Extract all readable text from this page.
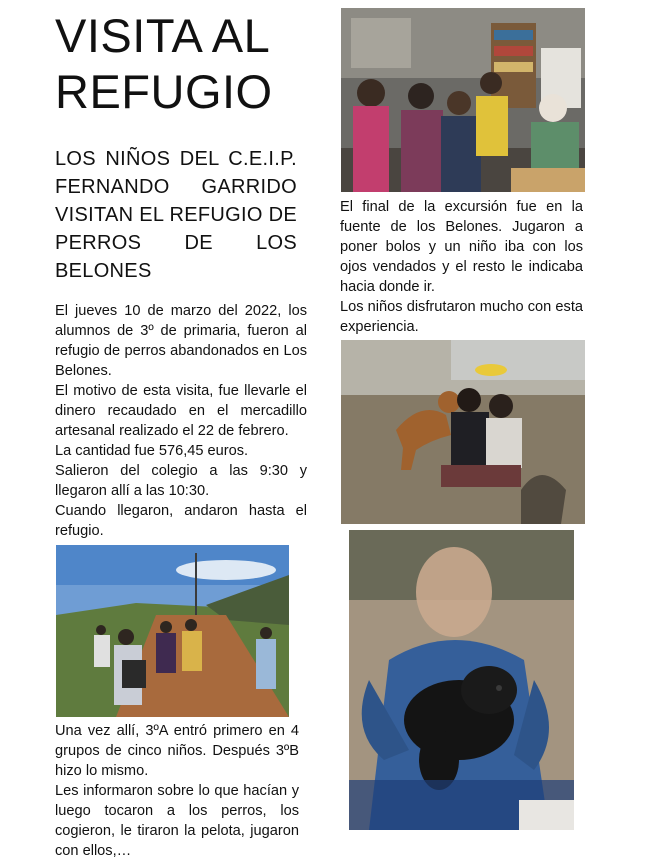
VISITA AL
REFUGIO
LOS NIÑOS DEL C.E.I.P. FERNANDO GARRIDO VISITAN EL REFUGIO DE PERROS DE LOS BELONES

El jueves 10 de marzo del 2022, los alumnos de 3º de primaria, fueron al refugio de perros abandonados en Los Belones.

El motivo de esta visita, fue llevarle el dinero recaudado en el mercadillo artesanal realizado el 22 de febrero.

La cantidad fue 576,45 euros.

Salieron del colegio a las 9:30 y llegaron allí a las 10:30.

Cuando llegaron, andaron hasta el refugio.

Una vez allí, 3ºA entró primero en 4 grupos de cinco niños. Después 3ºB hizo lo mismo.

Les informaron sobre lo que hacían y luego tocaron a los perros, los cogieron, le tiraron la pelota, jugaron con ellos,…

El final de la excursión fue en la fuente de los Belones. Jugaron a poner bolos y un niño iba con los ojos vendados y el resto le indicaba hacia donde ir.

Los niños disfrutaron mucho con esta experiencia.
